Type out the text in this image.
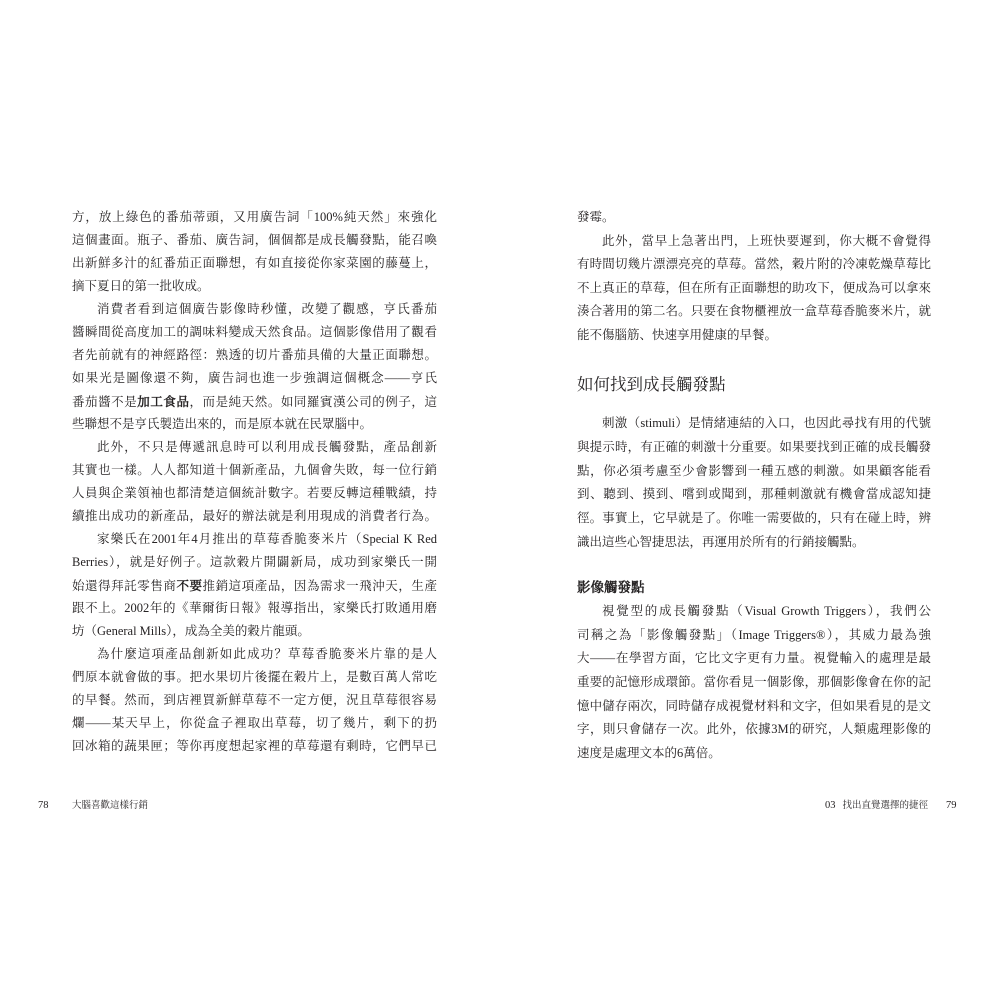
方，放上綠色的番茄蒂頭，又用廣告詞「100%純天然」來強化
這個畫面。瓶子、番茄、廣告詞，個個都是成長觸發點，能召喚
出新鮮多汁的紅番茄正面聯想，有如直接從你家菜園的藤蔓上，
摘下夏日的第一批收成。
消費者看到這個廣告影像時秒懂，改變了觀感，亨氏番茄
醬瞬間從高度加工的調味料變成天然食品。這個影像借用了觀看
者先前就有的神經路徑：熟透的切片番茄具備的大量正面聯想。
如果光是圖像還不夠，廣告詞也進一步強調這個概念——亨氏
番茄醬不是加工食品，而是純天然。如同羅賓漢公司的例子，這
些聯想不是亨氏製造出來的，而是原本就在民眾腦中。
此外，不只是傳遞訊息時可以利用成長觸發點，產品創新
其實也一樣。人人都知道十個新產品，九個會失敗，每一位行銷
人員與企業領袖也都清楚這個統計數字。若要反轉這種戰績，持
續推出成功的新產品，最好的辦法就是利用現成的消費者行為。
家樂氏在2001年4月推出的草莓香脆麥米片（Special K Red
Berries），就是好例子。這款穀片開闢新局，成功到家樂氏一開
始還得拜託零售商不要推銷這項產品，因為需求一飛沖天，生產
跟不上。2002年的《華爾街日報》報導指出，家樂氏打敗通用磨
坊（General Mills），成為全美的穀片龍頭。
為什麼這項產品創新如此成功？草莓香脆麥米片靠的是人
們原本就會做的事。把水果切片後擺在穀片上，是數百萬人常吃
的早餐。然而，到店裡買新鮮草莓不一定方便，況且草莓很容易
爛——某天早上，你從盒子裡取出草莓，切了幾片，剩下的扔
回冰箱的蔬果匣；等你再度想起家裡的草莓還有剩時，它們早已
78 大腦喜歡這樣行銷
發霉。
此外，當早上急著出門，上班快要遲到，你大概不會覺得
有時間切幾片漂漂亮亮的草莓。當然，穀片附的冷凍乾燥草莓比
不上真正的草莓，但在所有正面聯想的助攻下，便成為可以拿來
湊合著用的第二名。只要在食物櫃裡放一盒草莓香脆麥米片，就
能不傷腦筋、快速享用健康的早餐。
如何找到成長觸發點
刺激（stimuli）是情緒連結的入口，也因此尋找有用的代號
與提示時，有正確的刺激十分重要。如果要找到正確的成長觸發
點，你必須考慮至少會影響到一種五感的刺激。如果顧客能看
到、聽到、摸到、嚐到或聞到，那種刺激就有機會當成認知捷
徑。事實上，它早就是了。你唯一需要做的，只有在碰上時，辨
識出這些心智捷思法，再運用於所有的行銷接觸點。
影像觸發點
視覺型的成長觸發點（Visual Growth Triggers），我們公
司稱之為「影像觸發點」（Image Triggers®），其威力最為強
大——在學習方面，它比文字更有力量。視覺輸入的處理是最
重要的記憶形成環節。當你看見一個影像，那個影像會在你的記
憶中儲存兩次，同時儲存成視覺材料和文字，但如果看見的是文
字，則只會儲存一次。此外，依據3M的研究，人類處理影像的
速度是處理文本的6萬倍。
03 找出直覺選擇的捷徑 79
